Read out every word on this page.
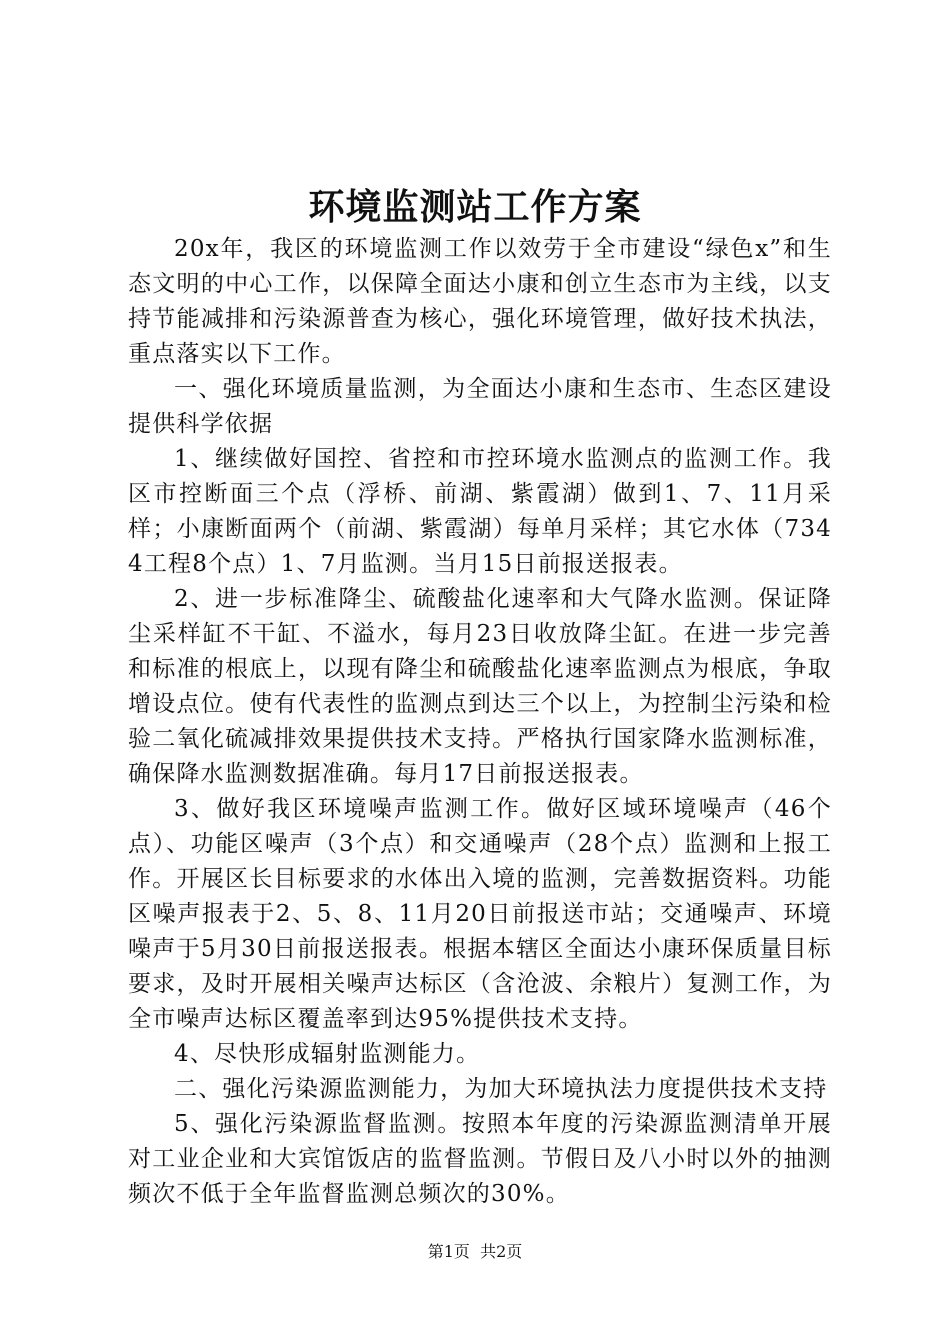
环境监测站工作方案

20x年，我区的环境监测工作以效劳于全市建设“绿色x”和生态文明的中心工作，以保障全面达小康和创立生态市为主线，以支持节能减排和污染源普查为核心，强化环境管理，做好技术执法，重点落实以下工作。

一、强化环境质量监测，为全面达小康和生态市、生态区建设提供科学依据

1、继续做好国控、省控和市控环境水监测点的监测工作。我区市控断面三个点（浮桥、前湖、紫霞湖）做到1、7、11月采样；小康断面两个（前湖、紫霞湖）每单月采样；其它水体（7344工程8个点）1、7月监测。当月15日前报送报表。

2、进一步标准降尘、硫酸盐化速率和大气降水监测。保证降尘采样缸不干缸、不溢水，每月23日收放降尘缸。在进一步完善和标准的根底上，以现有降尘和硫酸盐化速率监测点为根底，争取增设点位。使有代表性的监测点到达三个以上，为控制尘污染和检验二氧化硫减排效果提供技术支持。严格执行国家降水监测标准，确保降水监测数据准确。每月17日前报送报表。

3、做好我区环境噪声监测工作。做好区域环境噪声（46个点）、功能区噪声（3个点）和交通噪声（28个点）监测和上报工作。开展区长目标要求的水体出入境的监测，完善数据资料。功能区噪声报表于2、5、8、11月20日前报送市站；交通噪声、环境噪声于5月30日前报送报表。根据本辖区全面达小康环保质量目标要求，及时开展相关噪声达标区（含沧波、余粮片）复测工作，为全市噪声达标区覆盖率到达95%提供技术支持。

4、尽快形成辐射监测能力。

二、强化污染源监测能力，为加大环境执法力度提供技术支持

5、强化污染源监督监测。按照本年度的污染源监测清单开展对工业企业和大宾馆饭店的监督监测。节假日及八小时以外的抽测频次不低于全年监督监测总频次的30%。

第1页 共2页
